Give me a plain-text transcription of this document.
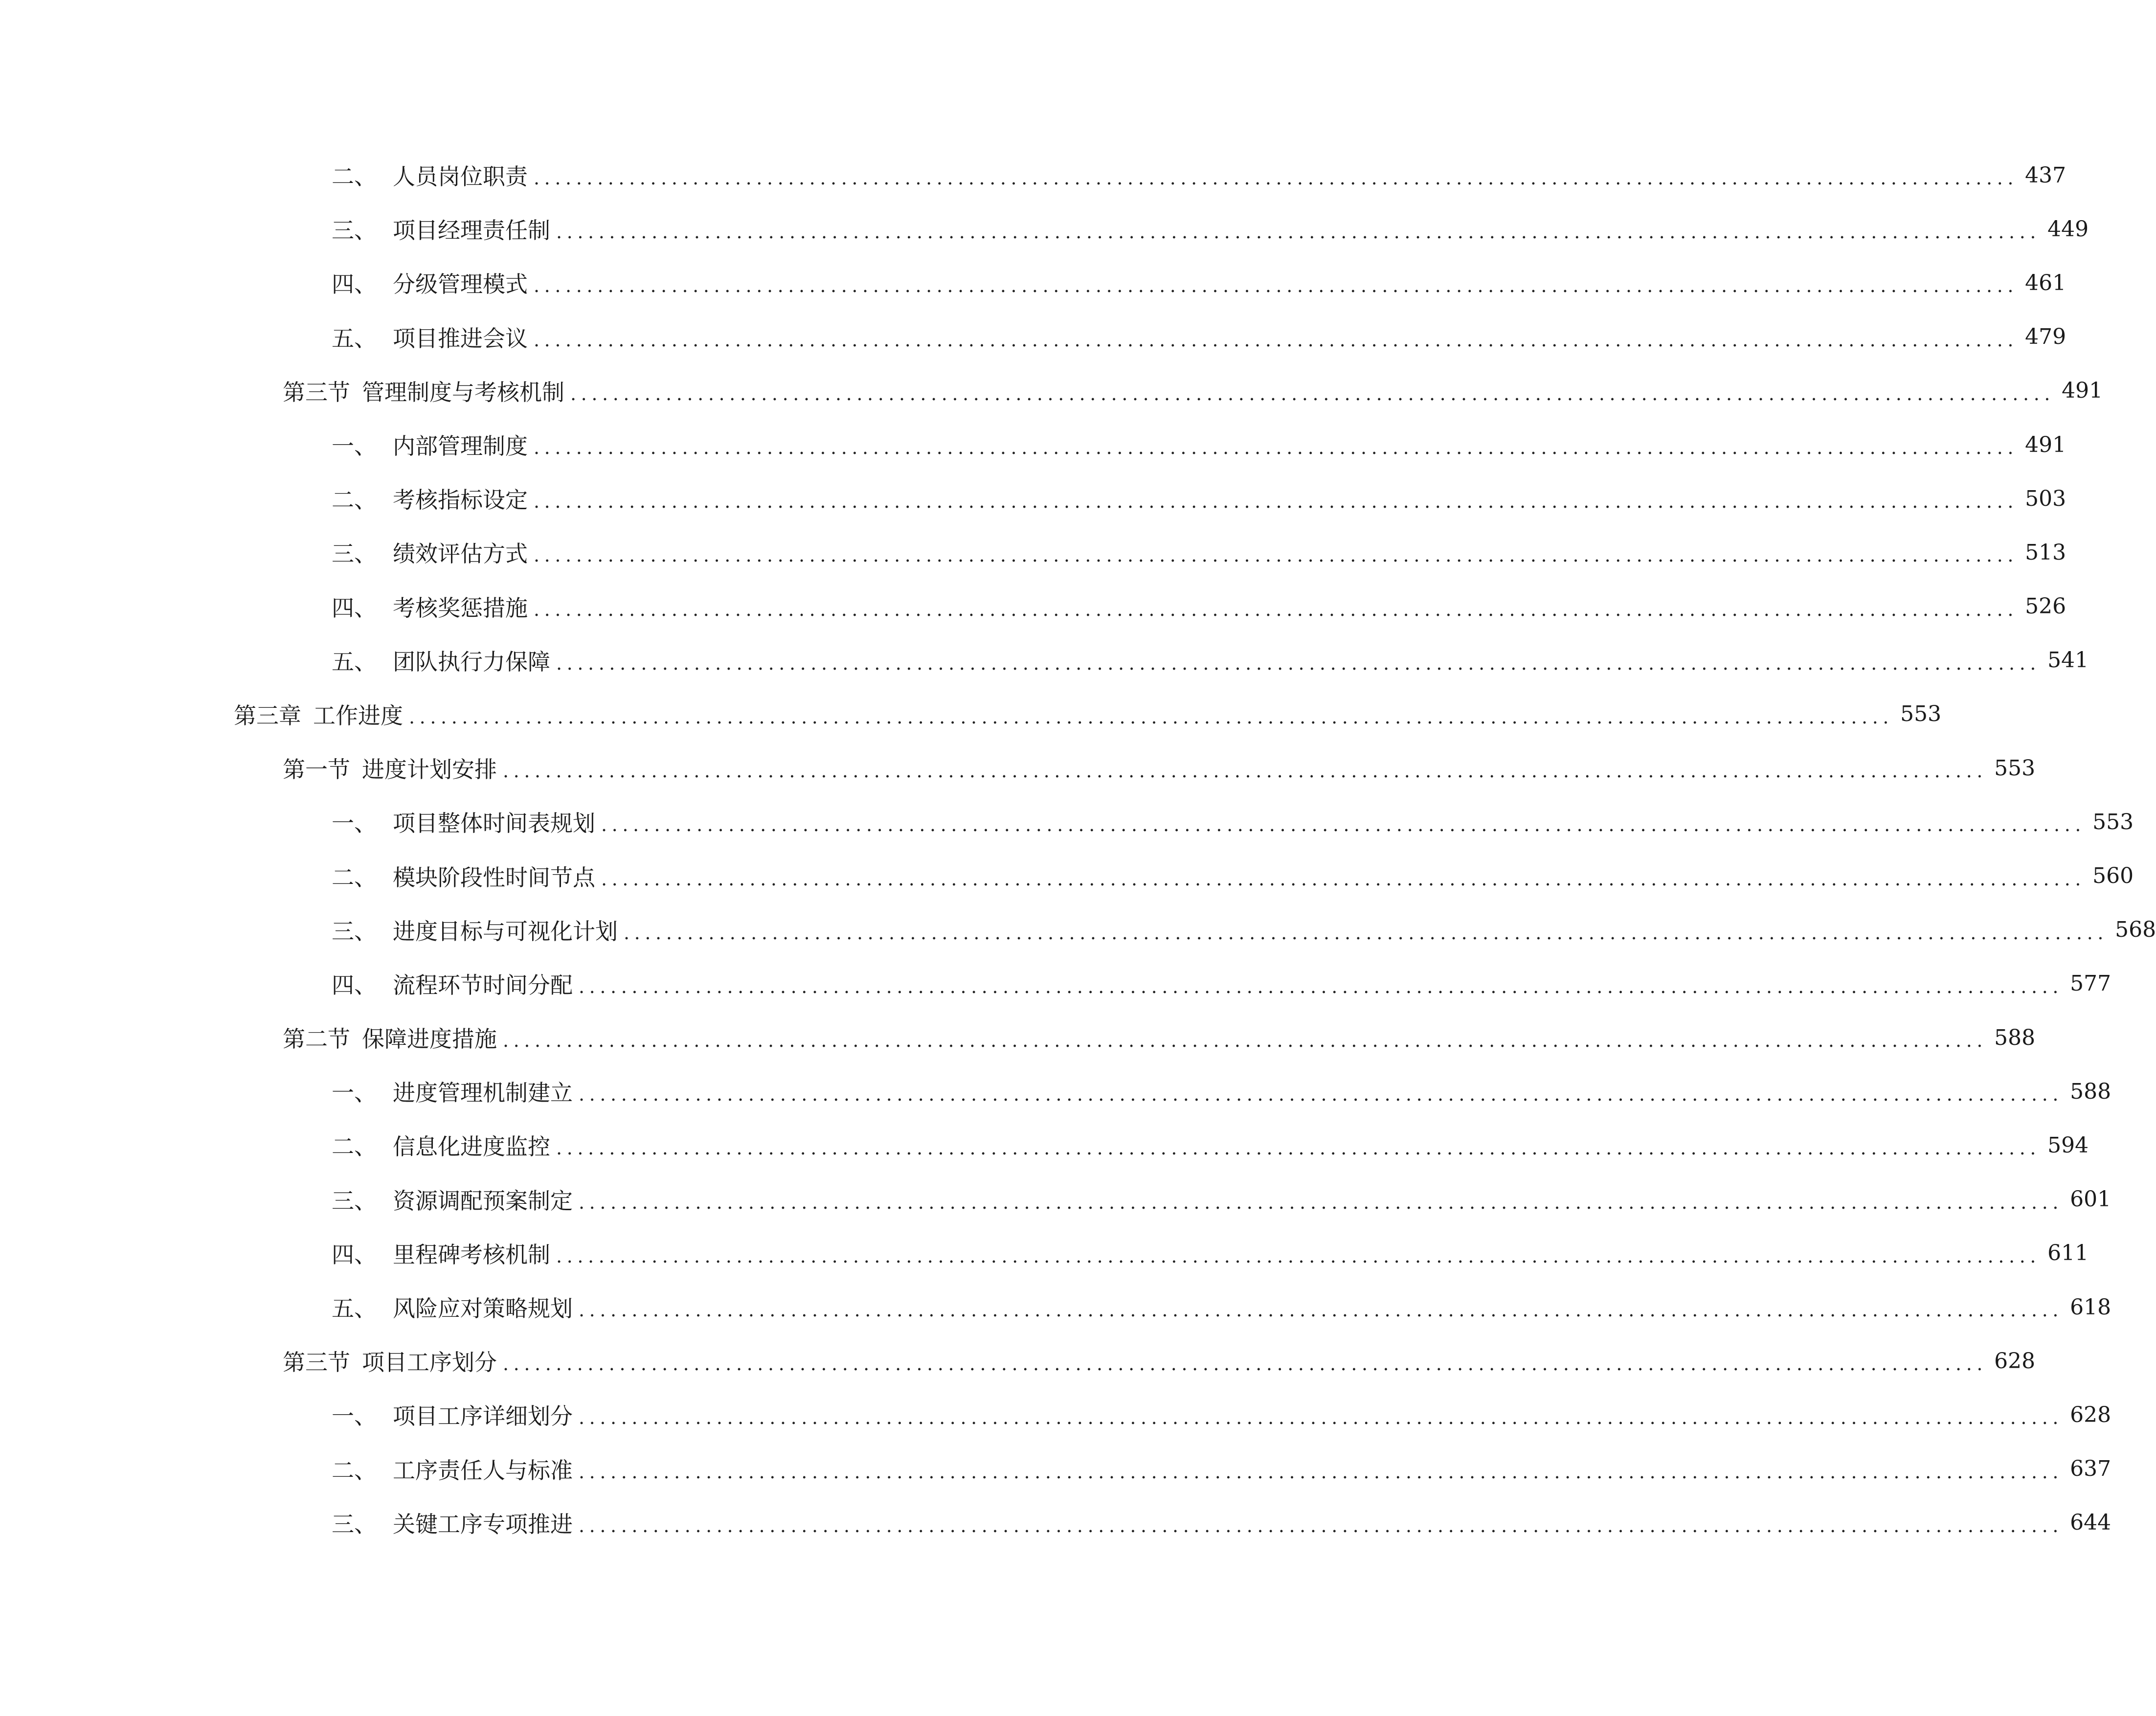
二、 人员岗位职责 ............................................................................................................................................ 437
三、 项目经理责任制 ............................................................................................................................................ 449
四、 分级管理模式 ............................................................................................................................................ 461
五、 项目推进会议 ............................................................................................................................................ 479
第三节 管理制度与考核机制 ............................................................................................................................................ 491
一、 内部管理制度 ............................................................................................................................................ 491
二、 考核指标设定 ............................................................................................................................................ 503
三、 绩效评估方式 ............................................................................................................................................ 513
四、 考核奖惩措施 ............................................................................................................................................ 526
五、 团队执行力保障 ............................................................................................................................................ 541
第三章 工作进度 ............................................................................................................................................ 553
第一节 进度计划安排 ............................................................................................................................................ 553
一、 项目整体时间表规划 ............................................................................................................................................ 553
二、 模块阶段性时间节点 ............................................................................................................................................ 560
三、 进度目标与可视化计划 ............................................................................................................................................ 568
四、 流程环节时间分配 ............................................................................................................................................ 577
第二节 保障进度措施 ............................................................................................................................................ 588
一、 进度管理机制建立 ............................................................................................................................................ 588
二、 信息化进度监控 ............................................................................................................................................ 594
三、 资源调配预案制定 ............................................................................................................................................ 601
四、 里程碑考核机制 ............................................................................................................................................ 611
五、 风险应对策略规划 ............................................................................................................................................ 618
第三节 项目工序划分 ............................................................................................................................................ 628
一、 项目工序详细划分 ............................................................................................................................................ 628
二、 工序责任人与标准 ............................................................................................................................................ 637
三、 关键工序专项推进 ............................................................................................................................................ 644
